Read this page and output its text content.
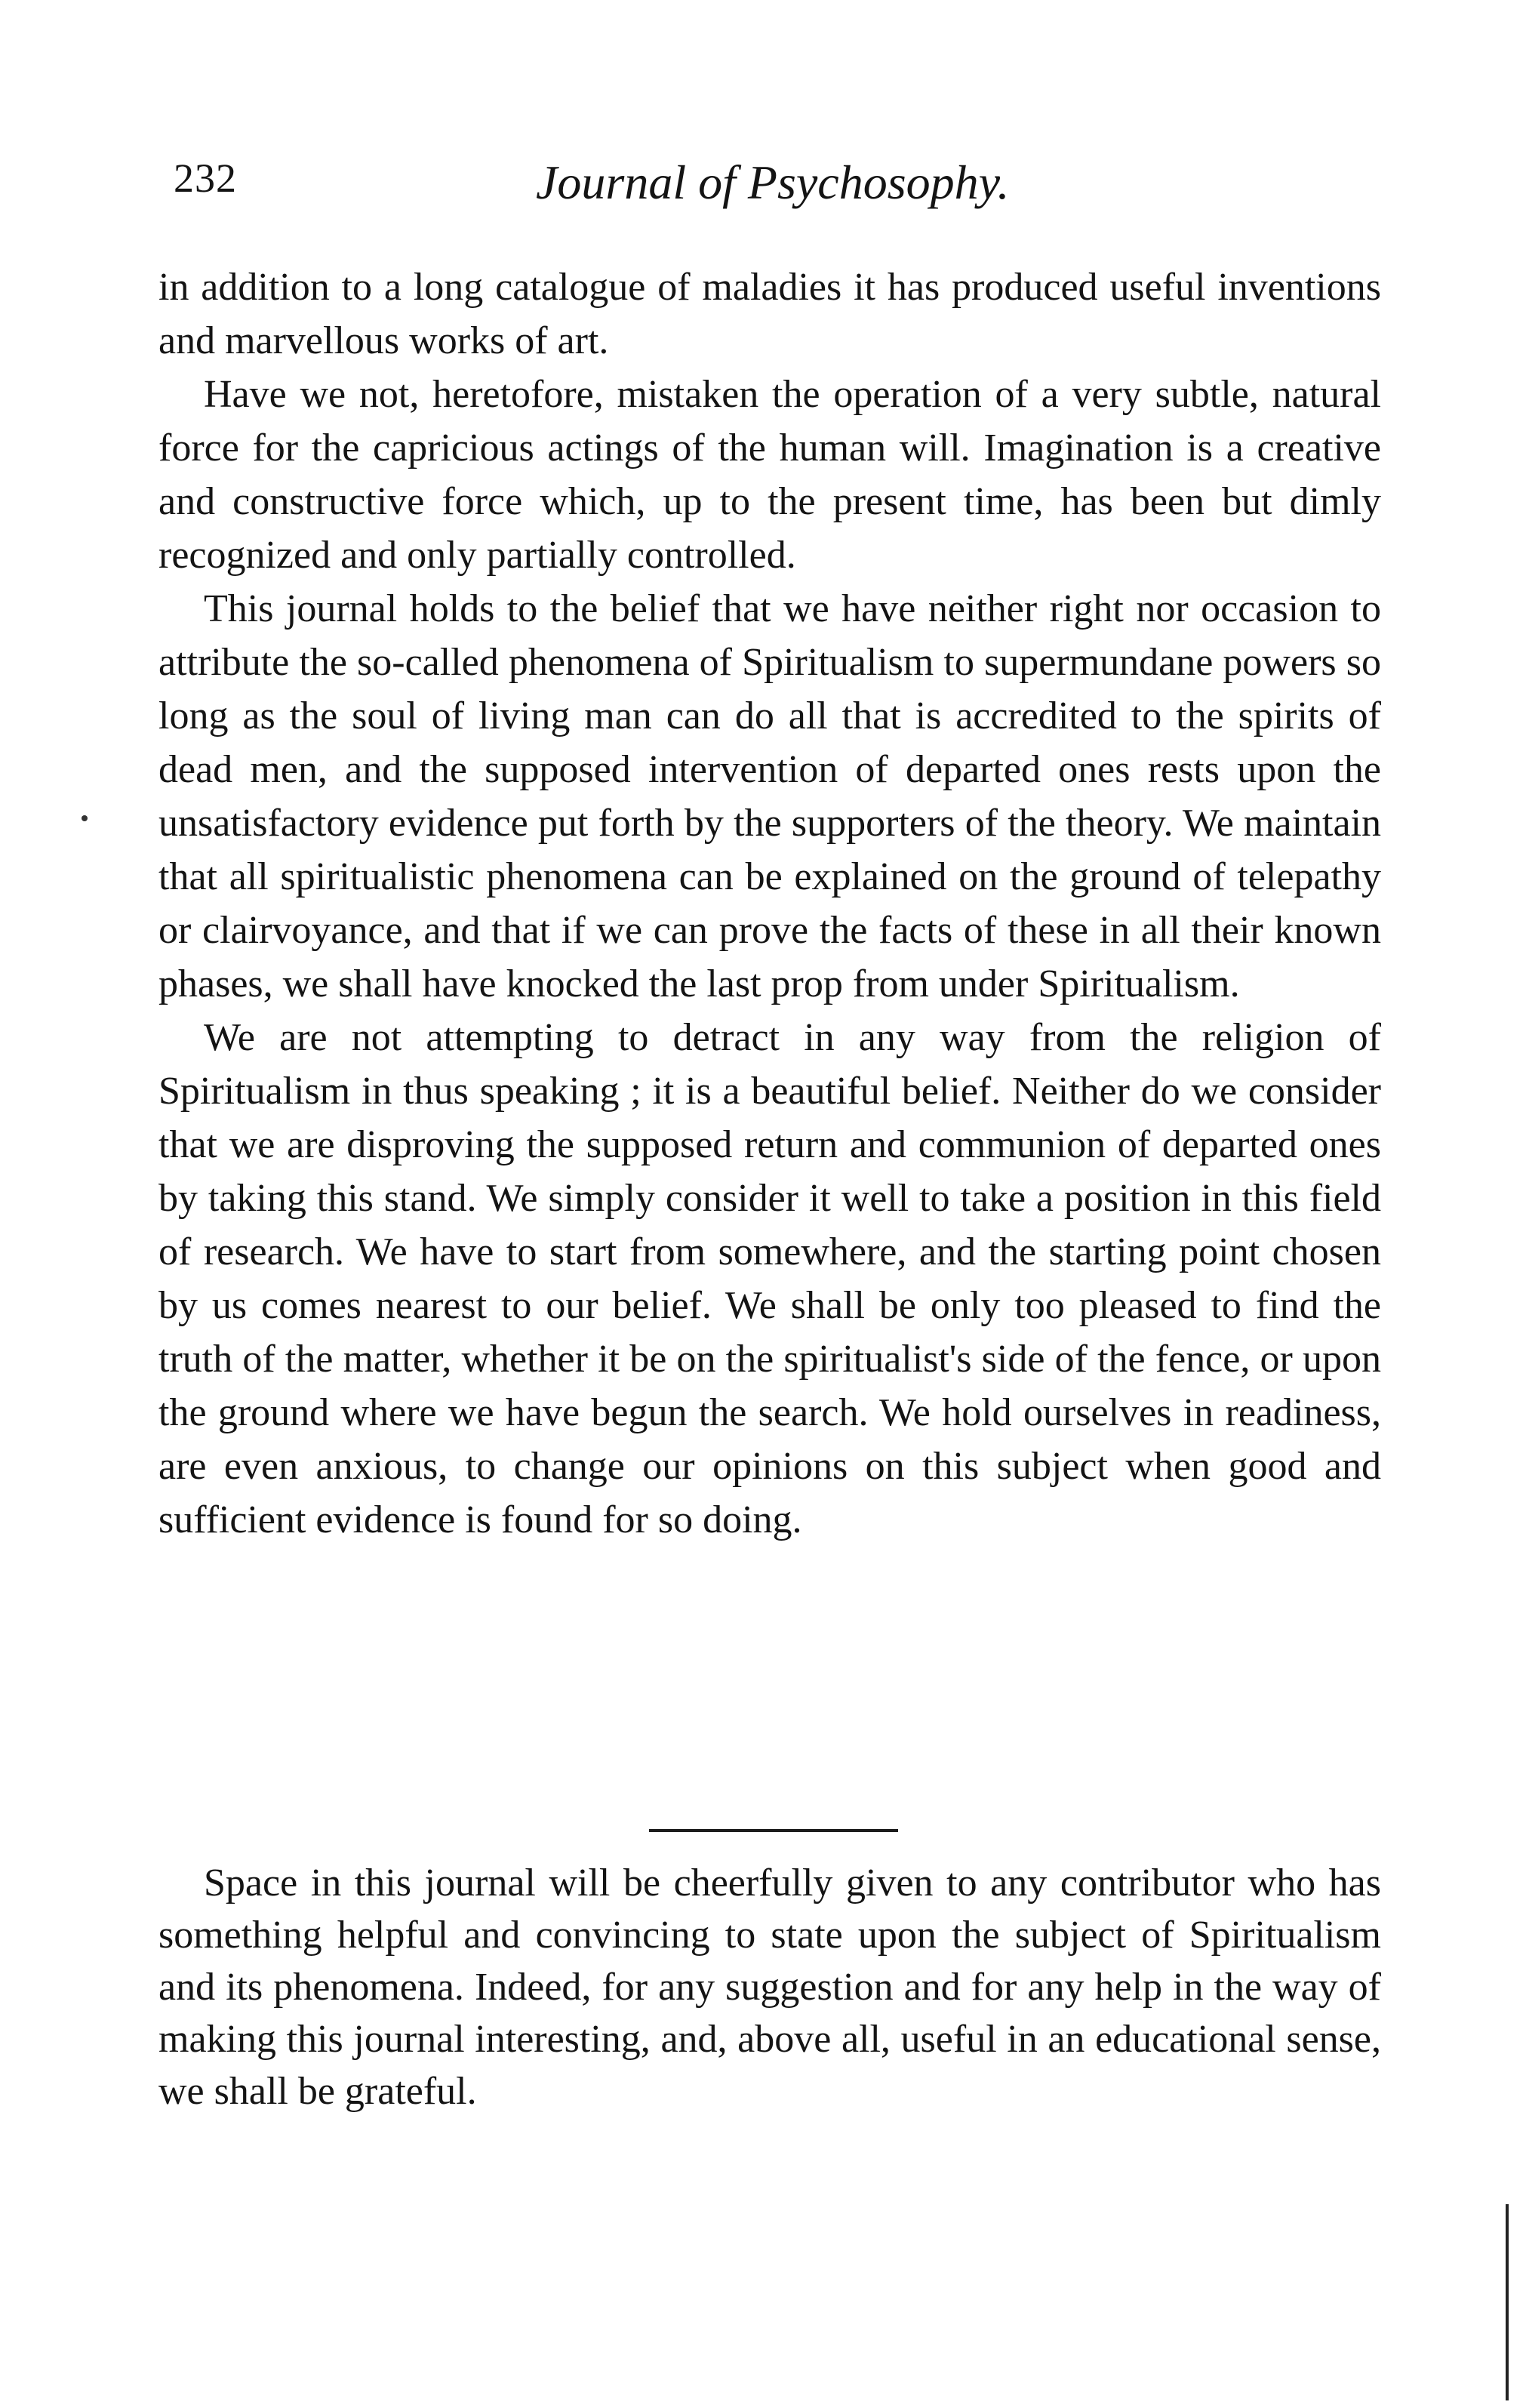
232	Journal of Psychosophy.

in addition to a long catalogue of maladies it has produced useful inventions and marvellous works of art.

Have we not, heretofore, mistaken the operation of a very subtle, natural force for the capricious actings of the human will. Imagination is a creative and constructive force which, up to the present time, has been but dimly recognized and only partially controlled.

This journal holds to the belief that we have neither right nor occasion to attribute the so-called phenomena of Spiritualism to supermundane powers so long as the soul of living man can do all that is accredited to the spirits of dead men, and the supposed intervention of departed ones rests upon the unsatisfactory evidence put forth by the supporters of the theory. We maintain that all spiritualistic phenomena can be explained on the ground of telepathy or clairvoyance, and that if we can prove the facts of these in all their known phases, we shall have knocked the last prop from under Spiritualism.

We are not attempting to detract in any way from the religion of Spiritualism in thus speaking ; it is a beautiful belief. Neither do we consider that we are disproving the supposed return and communion of departed ones by taking this stand. We simply consider it well to take a position in this field of research. We have to start from somewhere, and the starting point chosen by us comes nearest to our belief. We shall be only too pleased to find the truth of the matter, whether it be on the spiritualist's side of the fence, or upon the ground where we have begun the search. We hold ourselves in readiness, are even anxious, to change our opinions on this subject when good and sufficient evidence is found for so doing.

Space in this journal will be cheerfully given to any contributor who has something helpful and convincing to state upon the subject of Spiritualism and its phenomena. Indeed, for any suggestion and for any help in the way of making this journal interesting, and, above all, useful in an educational sense, we shall be grateful.
